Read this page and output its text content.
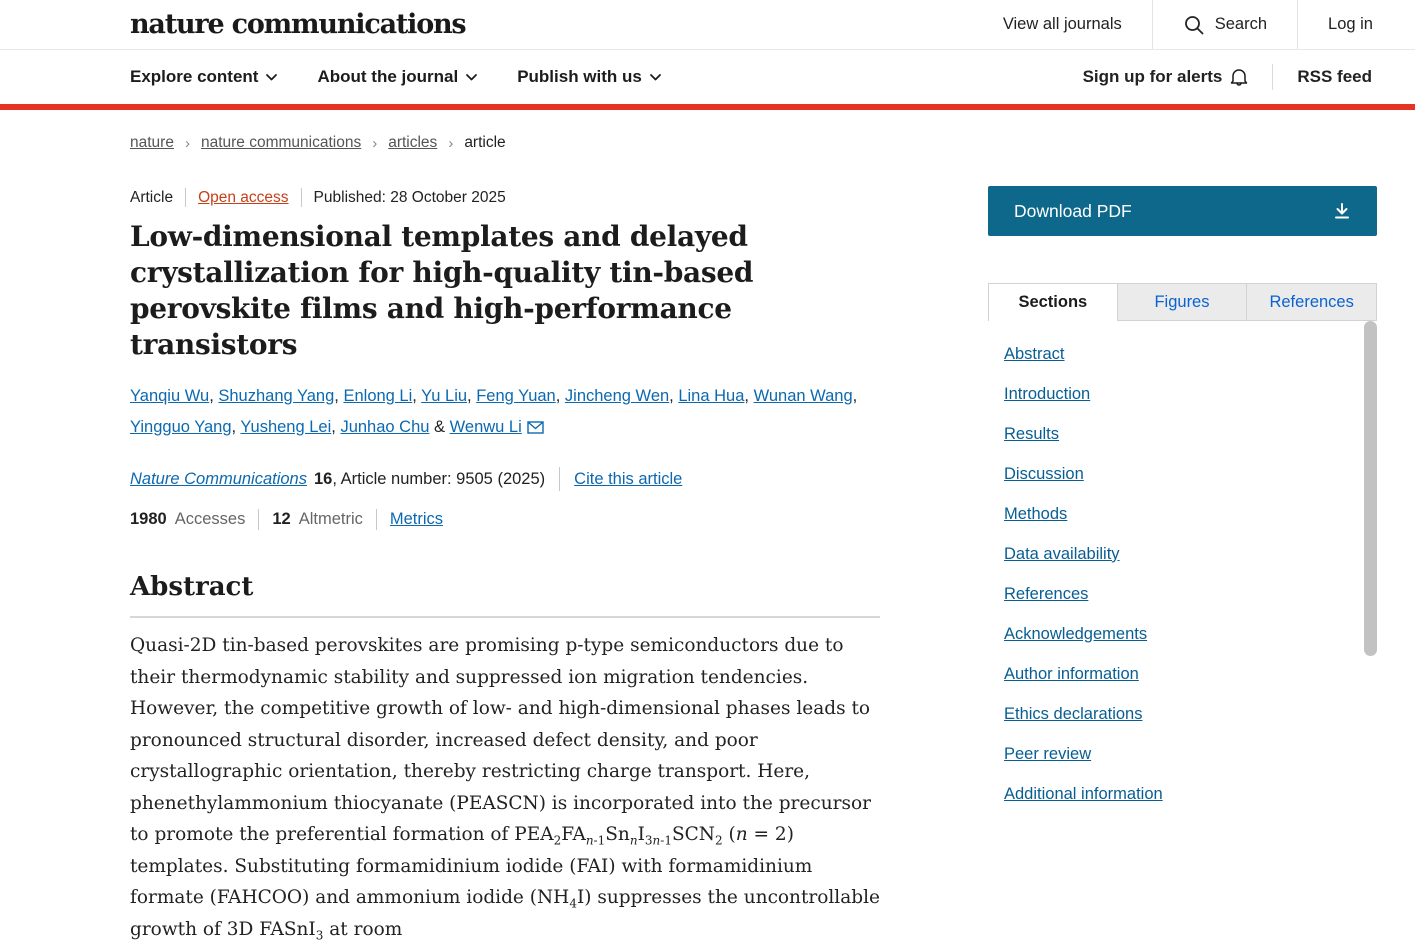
nature communications	View all journals	Search	Log in
Explore content	About the journal	Publish with us	Sign up for alerts	RSS feed
nature › nature communications › articles › article
Article Open access Published: 28 October 2025
Low-dimensional templates and delayed crystallization for high-quality tin-based perovskite films and high-performance transistors
Yanqiu Wu, Shuzhang Yang, Enlong Li, Yu Liu, Feng Yuan, Jincheng Wen, Lina Hua, Wunan Wang, Yingguo Yang, Yusheng Lei, Junhao Chu & Wenwu Li
Nature Communications 16 , Article number: 9505 (2025) Cite this article
1980 Accesses 12 Altmetric Metrics
Abstract

Quasi-2D tin-based perovskites are promising p-type semiconductors due to their thermodynamic stability and suppressed ion migration tendencies. However, the competitive growth of low- and high-dimensional phases leads to pronounced structural disorder, increased defect density, and poor crystallographic orientation, thereby restricting charge transport. Here, phenethylammonium thiocyanate (PEASCN) is incorporated into the precursor to promote the preferential formation of $PEA_2FA_{n-1}Sn_nI_{3n-1}SCN_2$ (n = 2) templates. Substituting formamidinium iodide (FAI) with formamidinium formate (FAHCOO) and ammonium iodide $(NH_4I)$ suppresses the uncontrollable growth of 3D FASnI$_3$ at room

Download PDF
Sections	Figures	References
Abstract
Introduction
Results
Discussion
Methods
Data availability
References
Acknowledgements
Author information
Ethics declarations
Peer review
Additional information
